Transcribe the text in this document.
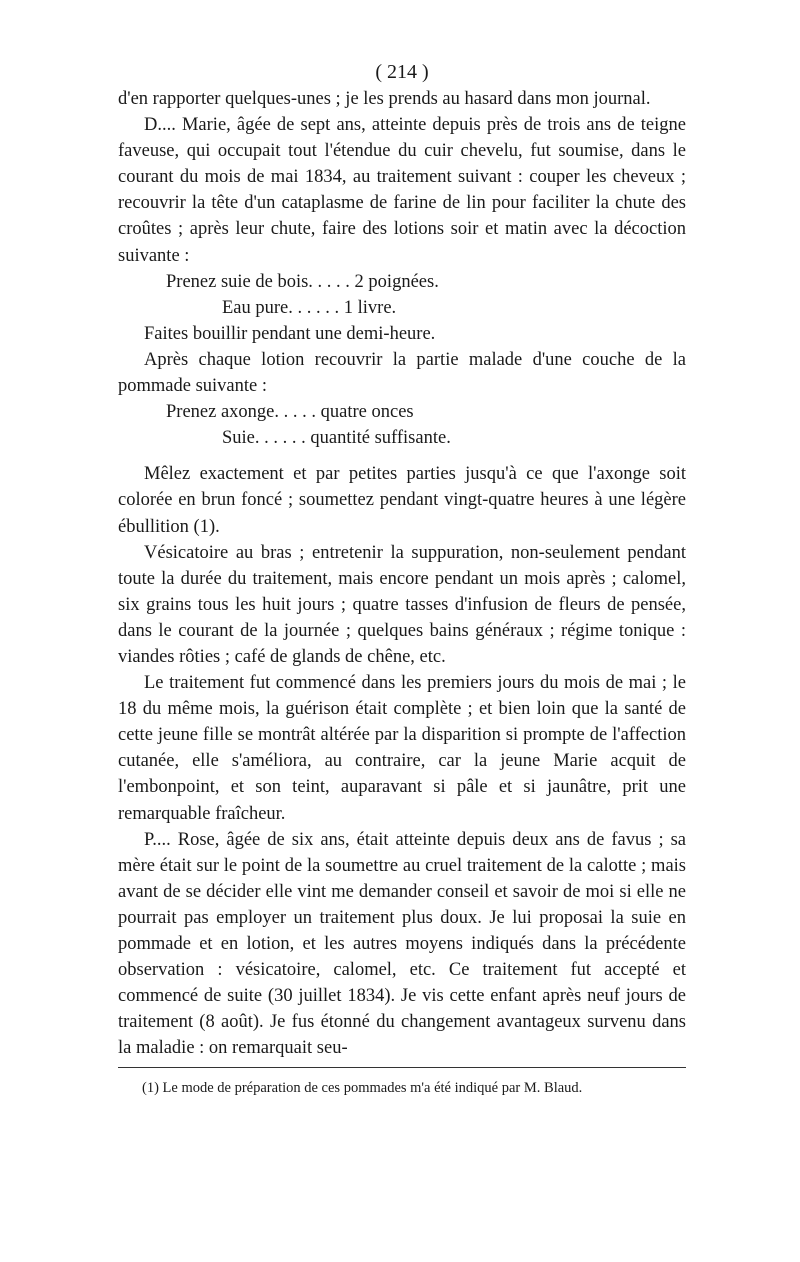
( 214 )

d'en rapporter quelques-unes ; je les prends au hasard dans mon journal.

D.... Marie, âgée de sept ans, atteinte depuis près de trois ans de teigne faveuse, qui occupait tout l'étendue du cuir chevelu, fut soumise, dans le courant du mois de mai 1834, au traitement suivant : couper les cheveux ; recouvrir la tête d'un cataplasme de farine de lin pour faciliter la chute des croûtes ; après leur chute, faire des lotions soir et matin avec la décoction suivante :

Prenez suie de bois. . . . . 2 poignées.
Eau pure. . . . . . 1 livre.

Faites bouillir pendant une demi-heure.

Après chaque lotion recouvrir la partie malade d'une couche de la pommade suivante :

Prenez axonge. . . . . quatre onces
Suie. . . . . . quantité suffisante.

Mêlez exactement et par petites parties jusqu'à ce que l'axonge soit colorée en brun foncé ; soumettez pendant vingt-quatre heures à une légère ébullition (1).

Vésicatoire au bras ; entretenir la suppuration, non-seulement pendant toute la durée du traitement, mais encore pendant un mois après ; calomel, six grains tous les huit jours ; quatre tasses d'infusion de fleurs de pensée, dans le courant de la journée ; quelques bains généraux ; régime tonique : viandes rôties ; café de glands de chêne, etc.

Le traitement fut commencé dans les premiers jours du mois de mai ; le 18 du même mois, la guérison était complète ; et bien loin que la santé de cette jeune fille se montrât altérée par la disparition si prompte de l'affection cutanée, elle s'améliora, au contraire, car la jeune Marie acquit de l'embonpoint, et son teint, auparavant si pâle et si jaunâtre, prit une remarquable fraîcheur.

P.... Rose, âgée de six ans, était atteinte depuis deux ans de favus ; sa mère était sur le point de la soumettre au cruel traitement de la calotte ; mais avant de se décider elle vint me demander conseil et savoir de moi si elle ne pourrait pas employer un traitement plus doux. Je lui proposai la suie en pommade et en lotion, et les autres moyens indiqués dans la précédente observation : vésicatoire, calomel, etc. Ce traitement fut accepté et commencé de suite (30 juillet 1834). Je vis cette enfant après neuf jours de traitement (8 août). Je fus étonné du changement avantageux survenu dans la maladie : on remarquait seu-

(1) Le mode de préparation de ces pommades m'a été indiqué par M. Blaud.
